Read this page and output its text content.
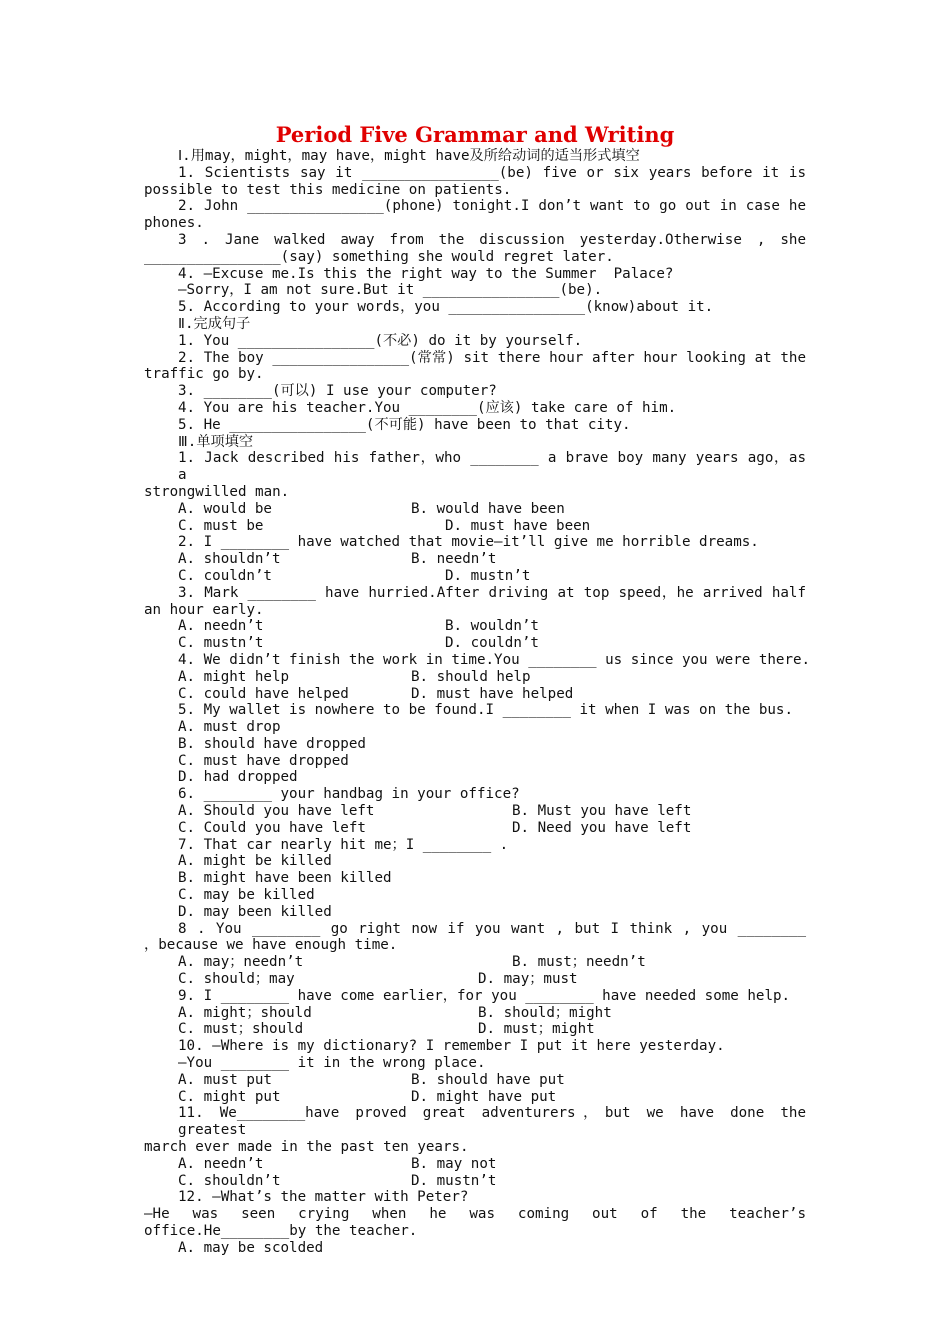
Period Five Grammar and Writing
Ⅰ.用may，might，may have，might have及所给动词的适当形式填空
1. Scientists say it ________________(be) five or six years before it is
possible to test this medicine on patients.
2. John ________________(phone) tonight.I don’t want to go out in case he
phones.
3 . Jane walked away from the discussion yesterday.Otherwise , she
________________(say) something she would regret later.
4. —Excuse me.Is this the right way to the Summer  Palace?
—Sorry，I am not sure.But it ________________(be).
5. According to your words，you ________________(know)about it.
Ⅱ.完成句子
1. You ________________(不必) do it by yourself.
2. The boy ________________(常常) sit there hour after hour looking at the
traffic go by.
3. ________(可以) I use your computer?
4. You are his teacher.You ________(应该) take care of him.
5. He ________________(不可能) have been to that city.
Ⅲ.单项填空
1. Jack described his father，who ________ a brave boy many years ago，as a
strongwilled man.
A. would be	B. would have been
C. must be	D. must have been
2. I ________ have watched that movie—it’ll give me horrible dreams.
A. shouldn’t	B. needn’t
C. couldn’t	D. mustn’t
3. Mark ________ have hurried.After driving at top speed，he arrived half
an hour early.
A. needn’t	B. wouldn’t
C. mustn’t	D. couldn’t
4. We didn’t finish the work in time.You ________ us since you were there.
A. might help	B. should help
C. could have helped	D. must have helped
5. My wallet is nowhere to be found.I ________ it when I was on the bus.
A. must drop
B. should have dropped
C. must have dropped
D. had dropped
6. ________ your handbag in your office?
A. Should you have left	B. Must you have left
C. Could you have left	D. Need you have left
7. That car nearly hit me；I ________ .
A. might be killed
B. might have been killed
C. may be killed
D. may been killed
8 . You ________ go right now if you want , but I think , you ________
，because we have enough time.
A. may；needn’t	B. must；needn’t
C. should；may	D. may；must
9. I ________ have come earlier，for you ________ have needed some help.
A. might；should	B. should；might
C. must；should	D. must；might
10. —Where is my dictionary? I remember I put it here yesterday.
—You ________ it in the wrong place.
A. must put	B. should have put
C. might put	D. might have put
11. We________have proved great adventurers，but we have done the greatest
march ever made in the past ten years.
A. needn’t	B. may not
C. shouldn’t	D. mustn’t
12. —What’s the matter with Peter?
—He was seen crying when he was coming out of the teacher’s
office.He________by the teacher.
A. may be scolded
